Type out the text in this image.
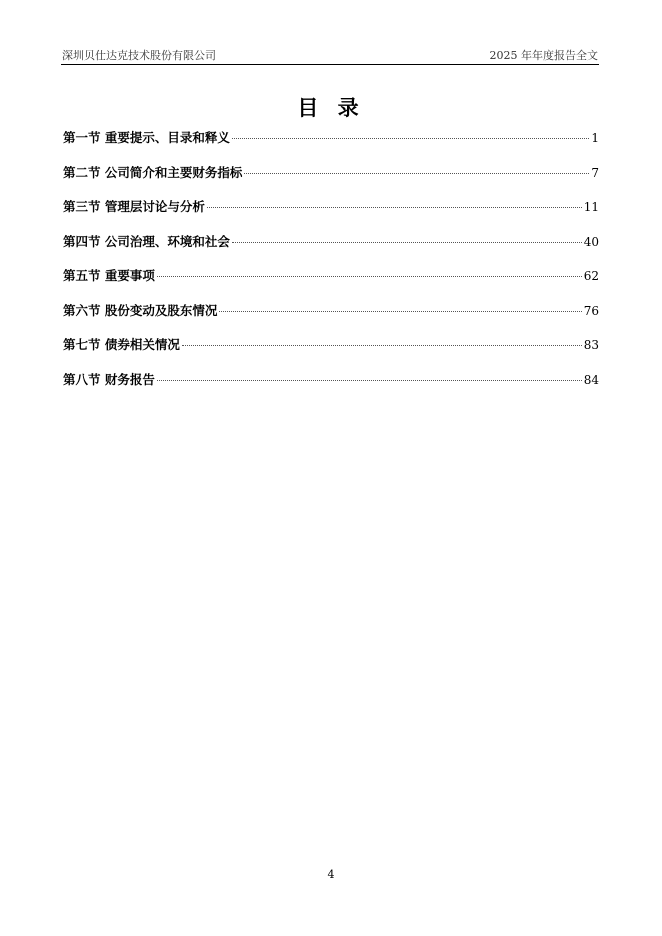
深圳贝仕达克技术股份有限公司	2025 年年度报告全文
目 录
第一节 重要提示、目录和释义	1
第二节 公司简介和主要财务指标	7
第三节 管理层讨论与分析	11
第四节 公司治理、环境和社会	40
第五节 重要事项	62
第六节 股份变动及股东情况	76
第七节 债券相关情况	83
第八节 财务报告	84
4
